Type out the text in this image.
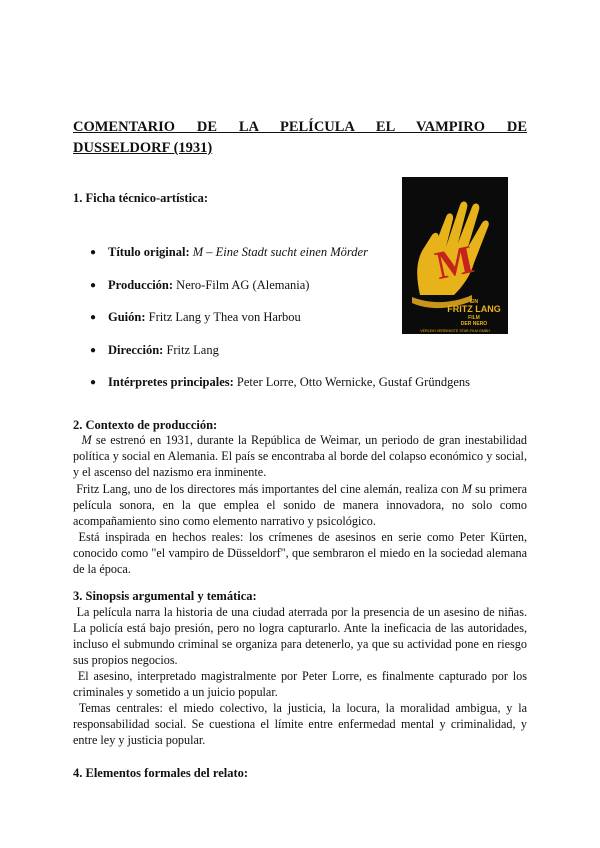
COMENTARIO DE LA PELÍCULA EL VAMPIRO DE
DUSSELDORF (1931)
1. Ficha técnico-artística:
● Título original: M – Eine Stadt sucht einen Mörder
● Producción: Nero-Film AG (Alemania)
● Guión: Fritz Lang y Thea von Harbou
● Dirección: Fritz Lang
● Intérpretes principales: Peter Lorre, Otto Wernicke, Gustaf Gründgens
M
EIN
FRITZ LANG
FILM
DER NERO
VERLEIH VEREINIGTE STAR-FILM GMBH
2. Contexto de producción:
M se estrenó en 1931, durante la República de Weimar, un periodo de gran inestabilidad política y social en Alemania. El país se encontraba al borde del colapso económico y social, y el ascenso del nazismo era inminente.
Fritz Lang, uno de los directores más importantes del cine alemán, realiza con M su primera película sonora, en la que emplea el sonido de manera innovadora, no solo como acompañamiento sino como elemento narrativo y psicológico.
Está inspirada en hechos reales: los crímenes de asesinos en serie como Peter Kürten, conocido como "el vampiro de Düsseldorf", que sembraron el miedo en la sociedad alemana de la época.
3. Sinopsis argumental y temática:
La película narra la historia de una ciudad aterrada por la presencia de un asesino de niñas. La policía está bajo presión, pero no logra capturarlo. Ante la ineficacia de las autoridades, incluso el submundo criminal se organiza para detenerlo, ya que su actividad pone en riesgo sus propios negocios.
El asesino, interpretado magistralmente por Peter Lorre, es finalmente capturado por los criminales y sometido a un juicio popular.
Temas centrales: el miedo colectivo, la justicia, la locura, la moralidad ambigua, y la responsabilidad social. Se cuestiona el límite entre enfermedad mental y criminalidad, y entre ley y justicia popular.
4. Elementos formales del relato:
